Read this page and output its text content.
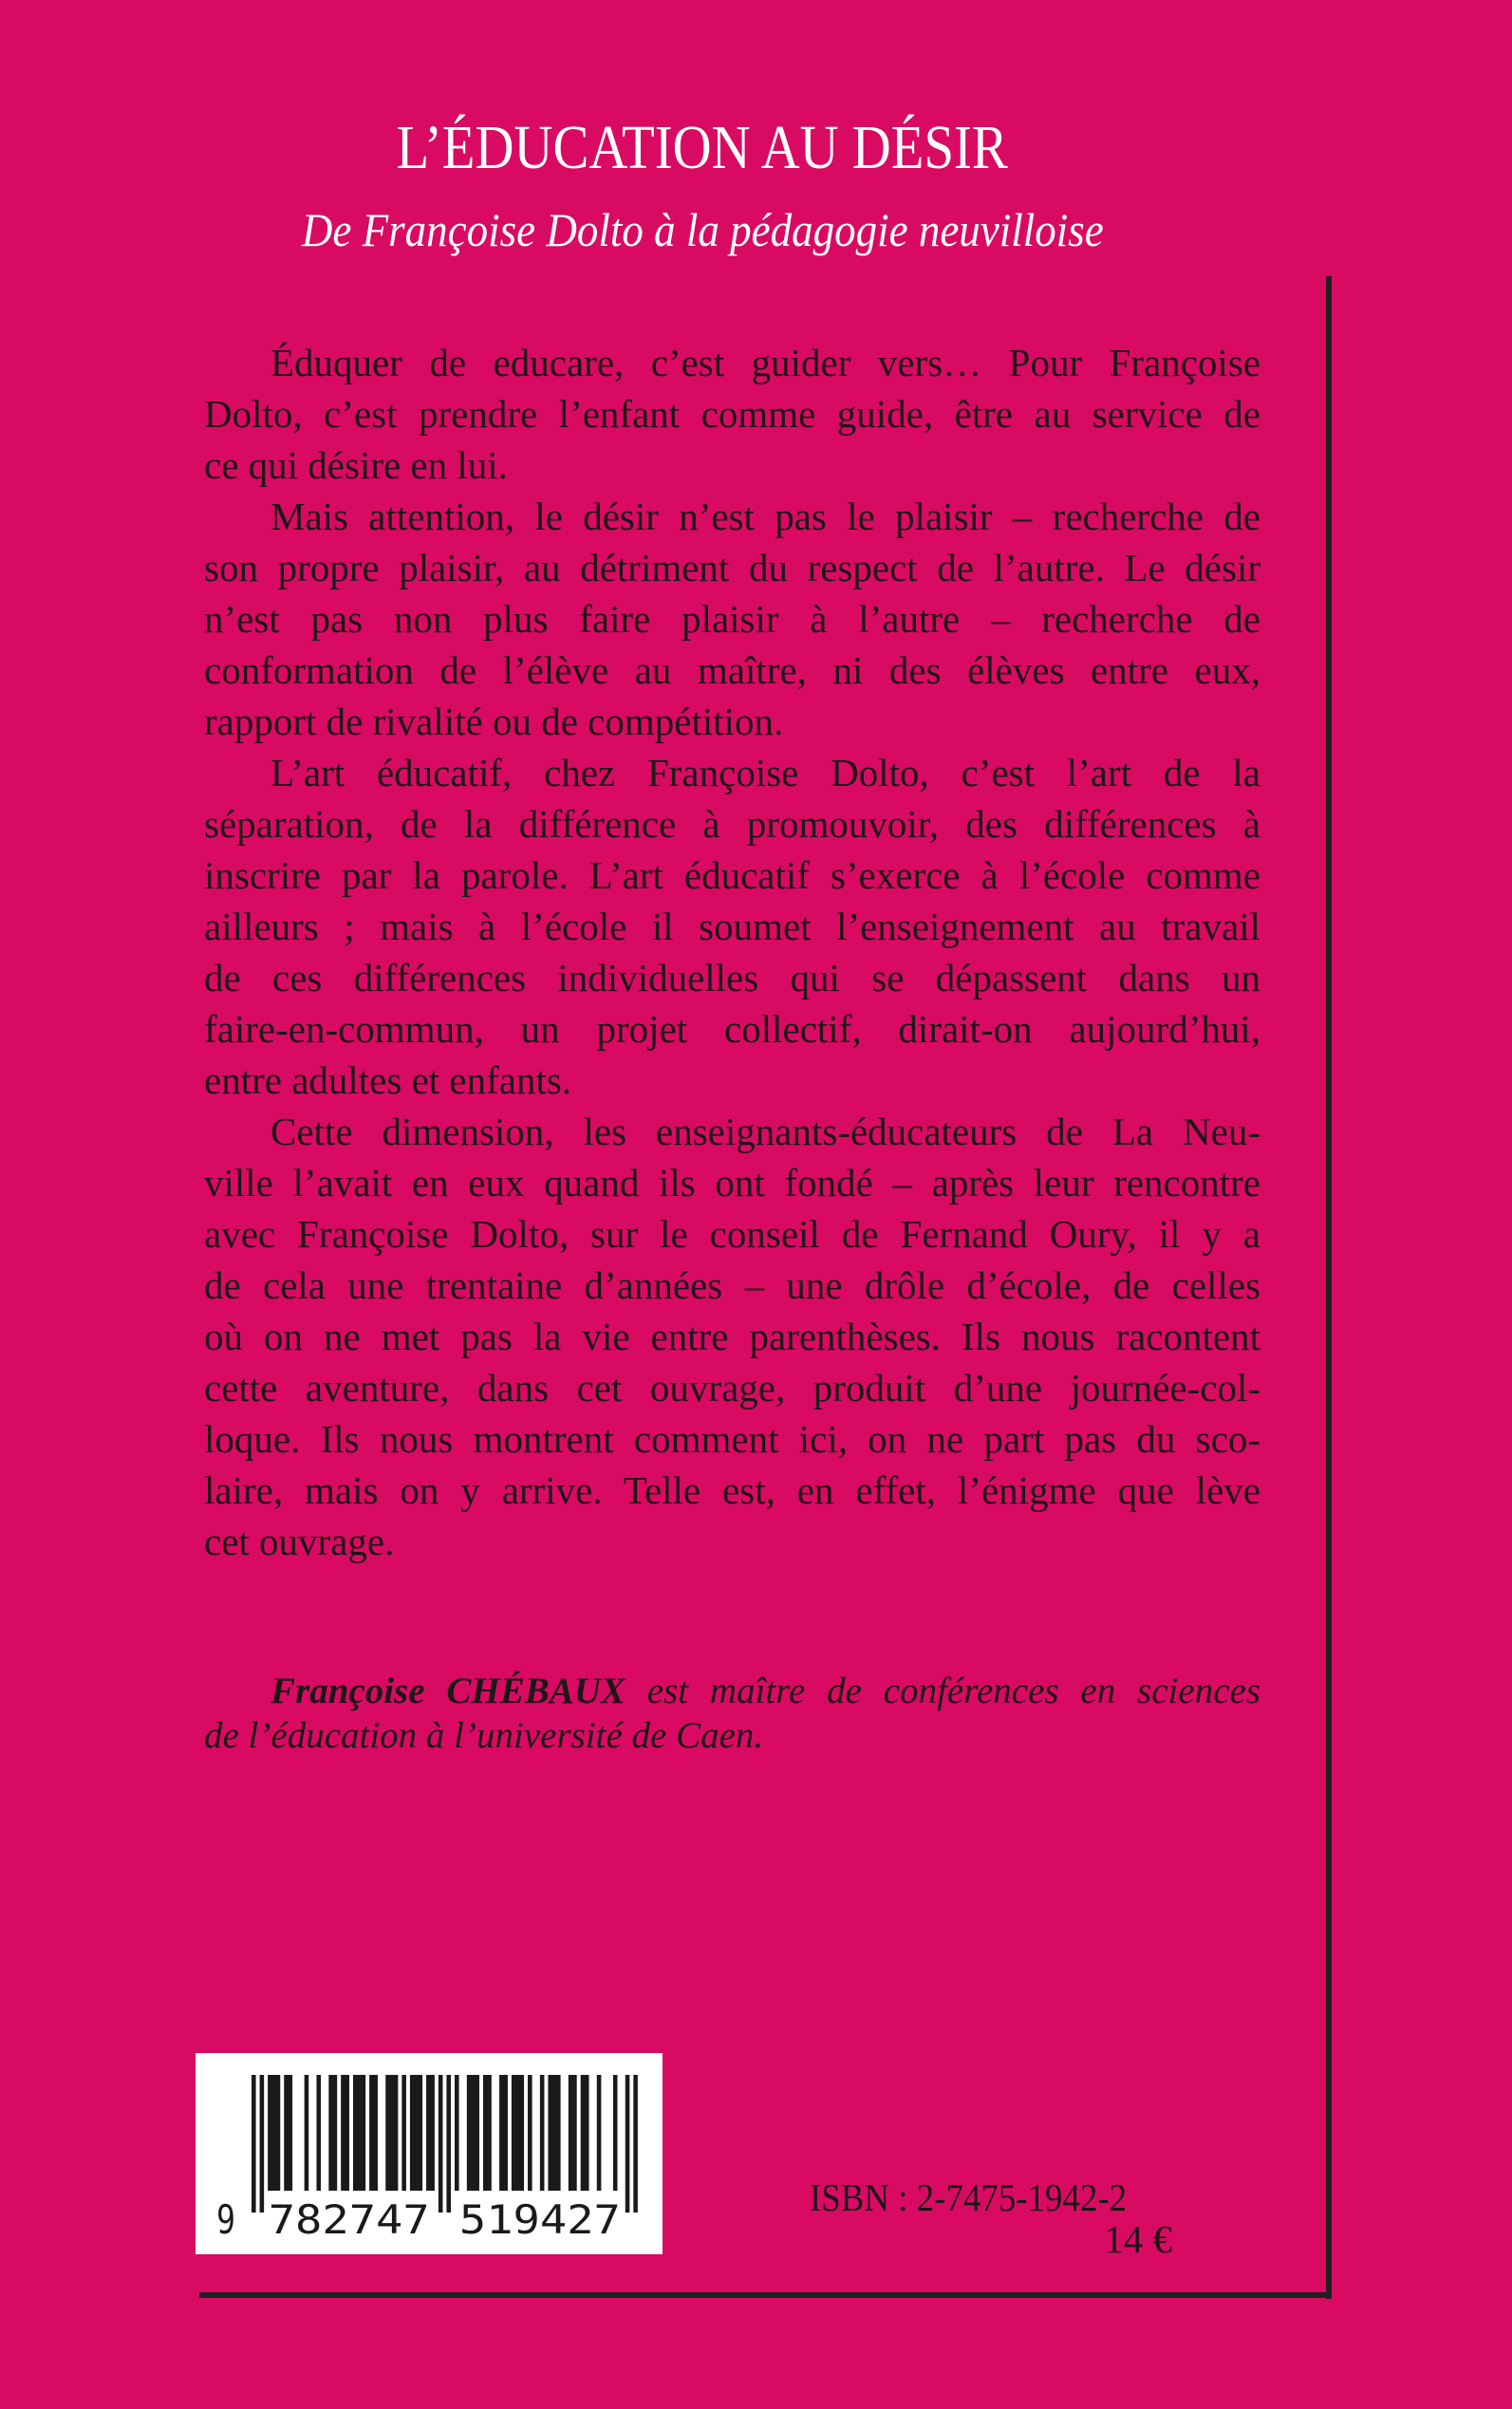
L’ÉDUCATION AU DÉSIR
De Françoise Dolto à la pédagogie neuvilloise
Éduquer de educare, c’est guider vers… Pour Françoise
Dolto, c’est prendre l’enfant comme guide, être au service de
ce qui désire en lui.
Mais attention, le désir n’est pas le plaisir – recherche de
son propre plaisir, au détriment du respect de l’autre. Le désir
n’est pas non plus faire plaisir à l’autre – recherche de
conformation de l’élève au maître, ni des élèves entre eux,
rapport de rivalité ou de compétition.
L’art éducatif, chez Françoise Dolto, c’est l’art de la
séparation, de la différence à promouvoir, des différences à
inscrire par la parole. L’art éducatif s’exerce à l’école comme
ailleurs ; mais à l’école il soumet l’enseignement au travail
de ces différences individuelles qui se dépassent dans un
faire-en-commun, un projet collectif, dirait-on aujourd’hui,
entre adultes et enfants.
Cette dimension, les enseignants-éducateurs de La Neu-
ville l’avait en eux quand ils ont fondé – après leur rencontre
avec Françoise Dolto, sur le conseil de Fernand Oury, il y a
de cela une trentaine d’années – une drôle d’école, de celles
où on ne met pas la vie entre parenthèses. Ils nous racontent
cette aventure, dans cet ouvrage, produit d’une journée-col-
loque. Ils nous montrent comment ici, on ne part pas du sco-
laire, mais on y arrive. Telle est, en effet, l’énigme que lève
cet ouvrage.
Françoise CHÉBAUX est maître de conférences en sciences
de l’éducation à l’université de Caen.
9 782747 519427	ISBN : 2-7475-1942-2
14 €
